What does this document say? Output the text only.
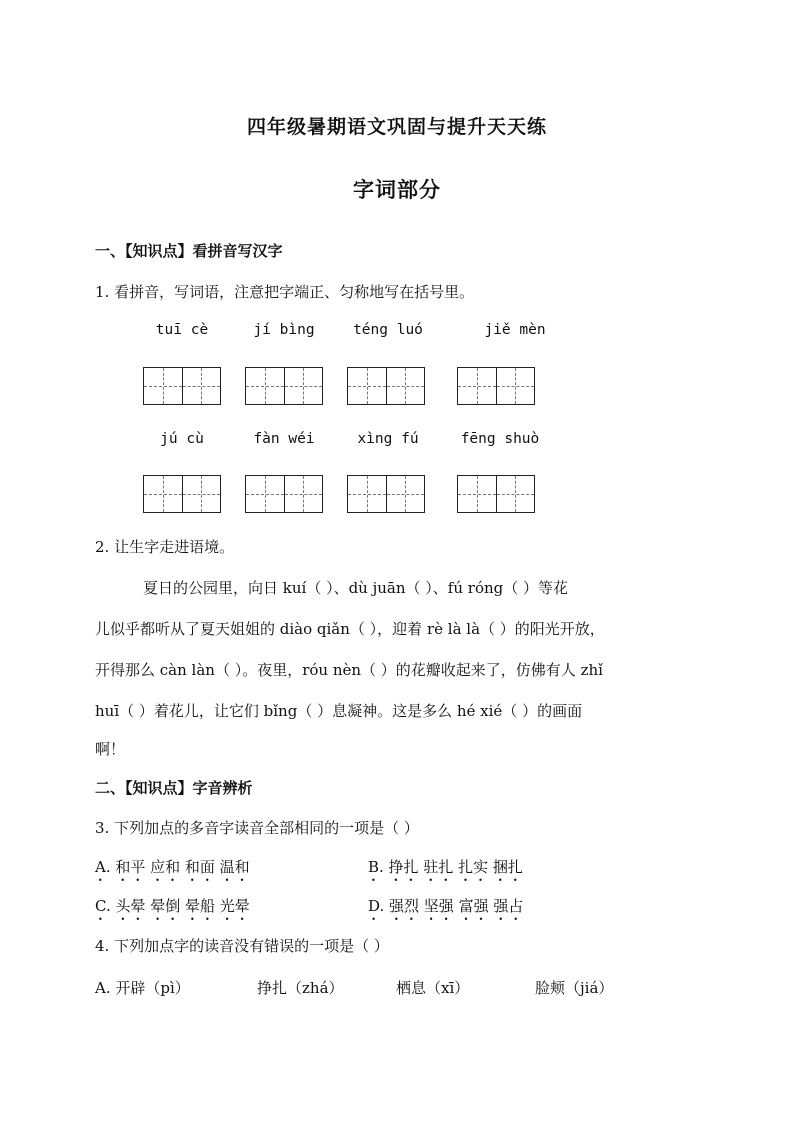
四年级暑期语文巩固与提升天天练
字词部分
一、【知识点】看拼音写汉字
1. 看拼音，写词语，注意把字端正、匀称地写在括号里。
tuī cè	jí bìng	téng luó	jiě mèn
jú cù	fàn wéi	xìng fú	fēng shuò
2. 让生字走进语境。
夏日的公园里，向日 kuí（ ）、dù juān（ ）、fú róng（ ）等花
儿似乎都听从了夏天姐姐的 diào qiǎn（ ），迎着 rè là là（ ）的阳光开放，
开得那么 càn làn（ ）。夜里，róu nèn（ ）的花瓣收起来了，仿佛有人 zhǐ
huī（ ）着花儿，让它们 bǐng（ ）息凝神。这是多么 hé xié（ ）的画面
啊！
二、【知识点】字音辨析
3. 下列加点的多音字读音全部相同的一项是（ ）
A. 和平 应和 和面 温和	B. 挣扎 驻扎 扎实 捆扎
C. 头晕 晕倒 晕船 光晕	D. 强烈 坚强 富强 强占
4. 下列加点字的读音没有错误的一项是（ ）
A. 开辟（pì）	挣扎（zhá）	栖息（xī）	脸颊（jiá）
